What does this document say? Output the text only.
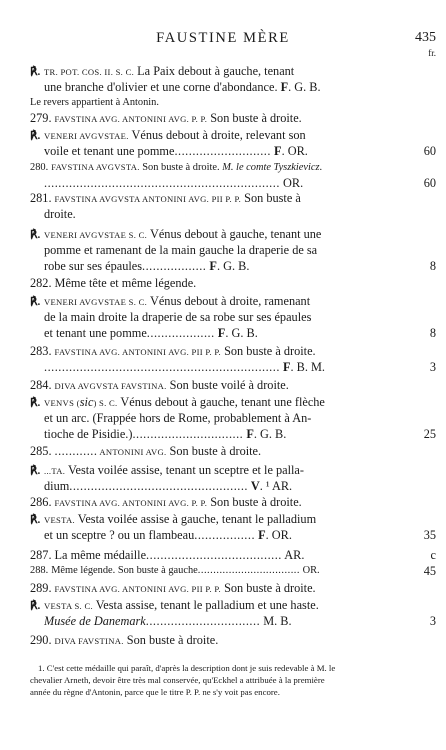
FAUSTINE MÈRE	435
fr.
℟.TR. POT. COS. II. S. C. La Paix debout à gauche, tenant
une branche d'olivier et une corne d'abondance. F. G. B.
Le revers appartient à Antonin.
279. FAVSTINA AVG. ANTONINI AVG. P. P. Son buste à droite.
℟.VENERI AVGVSTAE. Vénus debout à droite, relevant son
voile et tenant une pomme........................... F. OR.	60
280. FAVSTINA AVGVSTA. Son buste à droite. M. le comte Tyszkievicz.
.................................................................. OR.	60
281. FAVSTINA AVGVSTA ANTONINI AVG. PII P. P. Son buste à
droite.
℟.VENERI AVGVSTAE S. C. Vénus debout à gauche, tenant une
pomme et ramenant de la main gauche la draperie de sa
robe sur ses épaules.................. F. G. B.	8
282. Même tête et même légende.
℟.VENERI AVGVSTAE S. C. Vénus debout à droite, ramenant
de la main droite la draperie de sa robe sur ses épaules
et tenant une pomme................... F. G. B.	8
283. FAVSTINA AVG. ANTONINI AVG. PII P. P. Son buste à droite.
.................................................................. F. B. M.	3
284. DIVA AVGVSTA FAVSTINA. Son buste voilé à droite.
℟.VENVS (sic) S. C. Vénus debout à gauche, tenant une flèche
et un arc. (Frappée hors de Rome, probablement à An-
tioche de Pisidie.)............................... F. G. B.	25
285. ............ ANTONINI AVG. Son buste à droite.
℟....TA. Vesta voilée assise, tenant un sceptre et le palla-
dium.................................................. V. ¹ AR.
286. FAVSTINA AVG. ANTONINI AVG. P. P. Son buste à droite.
℟.VESTA. Vesta voilée assise à gauche, tenant le palladium
et un sceptre ? ou un flambeau................. F. OR.	35
287. La même médaille...................................... AR.	c
288. Même légende. Son buste à gauche................................. OR.	45
289. FAVSTINA AVG. ANTONINI AVG. PII P. P. Son buste à droite.
℟.VESTA S. C. Vesta assise, tenant le palladium et une haste.
Musée de Danemark................................ M. B.	3
290. DIVA FAVSTINA. Son buste à droite.
1. C'est cette médaille qui paraît, d'après la description dont je suis redevable à M. le
chevalier Arneth, devoir être très mal conservée, qu'Eckhel a attribuée à la première
année du règne d'Antonin, parce que le titre P. P. ne s'y voit pas encore.
